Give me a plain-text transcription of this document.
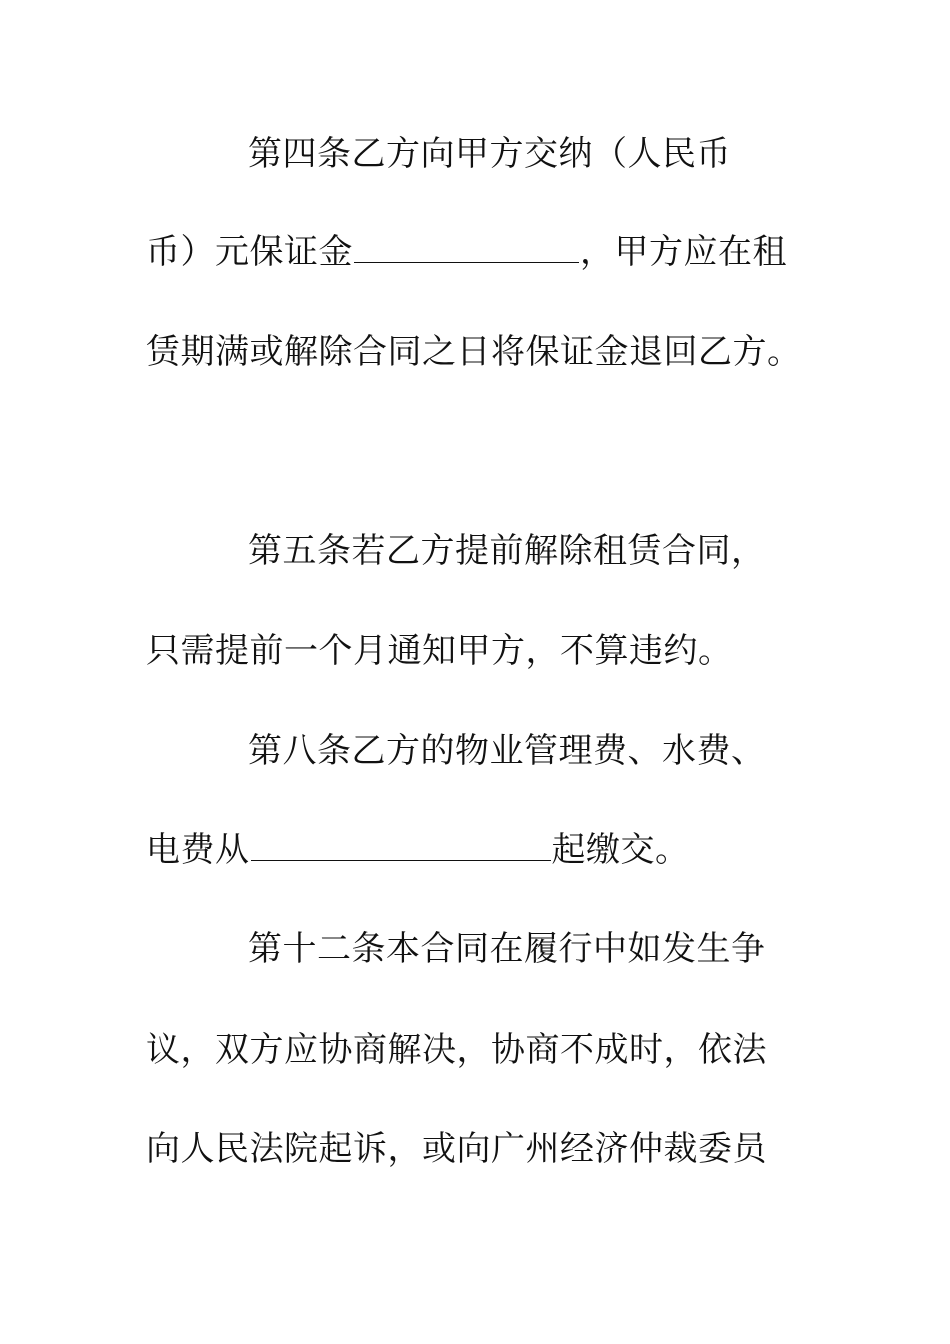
第四条乙方向甲方交纳（人民币
币）元保证金	，甲方应在租
赁期满或解除合同之日将保证金退回乙方。
第五条若乙方提前解除租赁合同，
只需提前一个月通知甲方，不算违约。
第八条乙方的物业管理费、水费、
电费从	起缴交。
第十二条本合同在履行中如发生争
议，双方应协商解决，协商不成时，依法
向人民法院起诉，或向广州经济仲裁委员
